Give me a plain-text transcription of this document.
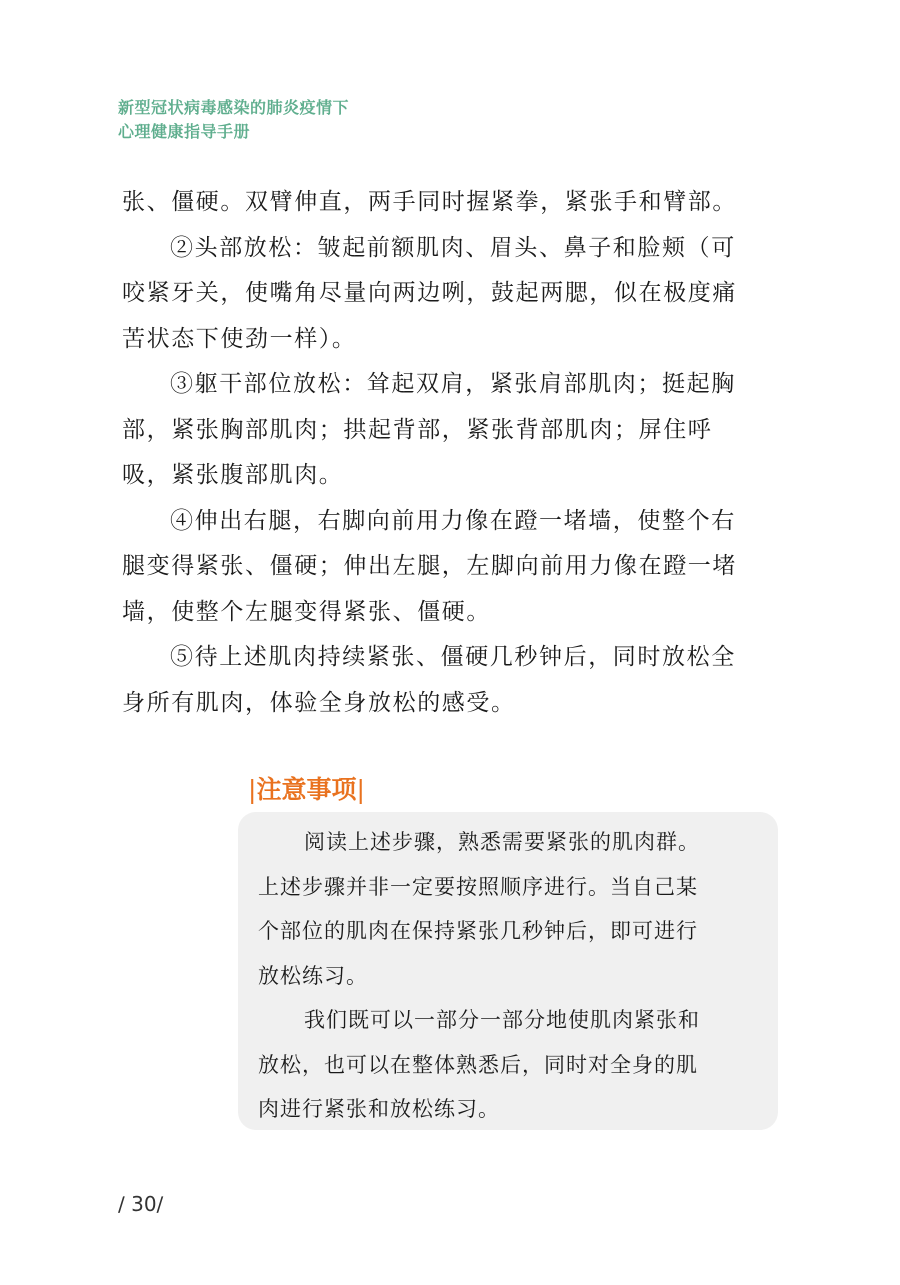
新型冠状病毒感染的肺炎疫情下
心理健康指导手册

张、僵硬。双臂伸直，两手同时握紧拳，紧张手和臂部。

②头部放松：皱起前额肌肉、眉头、鼻子和脸颊（可

咬紧牙关，使嘴角尽量向两边咧，鼓起两腮，似在极度痛

苦状态下使劲一样）。

③躯干部位放松：耸起双肩，紧张肩部肌肉；挺起胸

部，紧张胸部肌肉；拱起背部，紧张背部肌肉；屏住呼

吸，紧张腹部肌肉。

④伸出右腿，右脚向前用力像在蹬一堵墙，使整个右

腿变得紧张、僵硬；伸出左腿，左脚向前用力像在蹬一堵

墙，使整个左腿变得紧张、僵硬。

⑤待上述肌肉持续紧张、僵硬几秒钟后，同时放松全

身所有肌肉，体验全身放松的感受。

|注意事项|

阅读上述步骤，熟悉需要紧张的肌肉群。

上述步骤并非一定要按照顺序进行。当自己某

个部位的肌肉在保持紧张几秒钟后，即可进行

放松练习。

我们既可以一部分一部分地使肌肉紧张和

放松，也可以在整体熟悉后，同时对全身的肌

肉进行紧张和放松练习。

∕ 30∕
